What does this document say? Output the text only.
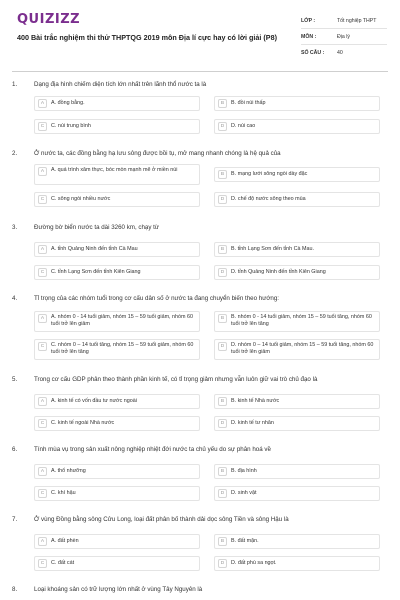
QUIZIZZ
400 Bài trắc nghiệm thi thử THPTQG 2019 môn Địa lí cực hay có lời giải (P8)
LỚP :	Tốt nghiệp THPT
MÔN :	Địa lý
SỐ CÂU :	40
1.	Dạng địa hình chiếm diện tích lớn nhất trên lãnh thổ nước ta là
A	A. đồng bằng.	B	B. đồi núi thấp
C	C. núi trung bình	D	D. núi cao
2.	Ở nước ta, các đồng bằng hạ lưu sông được bồi tụ, mở mang nhanh chóng là hệ quả của
A	A. quá trình xâm thực, bóc mòn mạnh mẽ ở miền núi
B	B. mạng lưới sông ngòi dày đặc
C	C. sông ngòi nhiều nước	D	D. chế độ nước sông theo mùa
3.	Đường bờ biển nước ta dài 3260 km, chạy từ
A	A. tỉnh Quảng Ninh đến tỉnh Cà Mau	B	B. tỉnh Lạng Sơn đến tỉnh Cà Mau.
C	C. tỉnh Lạng Sơn đến tỉnh Kiên Giang	D	D. tỉnh Quảng Ninh đến tỉnh Kiên Giang
4.	Tỉ trọng của các nhóm tuổi trong cơ cấu dân số ở nước ta đang chuyển biến theo hướng:
A	A. nhóm 0 - 14 tuổi giảm, nhóm 15 – 59 tuổi giảm, nhóm 60 tuổi trở lên giảm
B	B. nhóm 0 - 14 tuổi giảm, nhóm 15 – 59 tuổi tăng, nhóm 60 tuổi trở lên tăng
C	C. nhóm 0 – 14 tuổi tăng, nhóm 15 – 59 tuổi giảm, nhóm 60 tuổi trở lên tăng
D	D. nhóm 0 – 14 tuổi giảm, nhóm 15 – 59 tuổi tăng, nhóm 60 tuổi trở lên giảm
5.	Trong cơ cấu GDP phân theo thành phần kinh tế, có tỉ trọng giảm nhưng vẫn luôn giữ vai trò chủ đạo là
A	A. kinh tế có vốn đầu tư nước ngoài	B	B. kinh tế Nhà nước
C	C. kinh tế ngoài Nhà nước	D	D. kinh tế tư nhân
6.	Tính mùa vụ trong sản xuất nông nghiệp nhiệt đới nước ta chủ yếu do sự phân hoá về
A	A. thổ nhưỡng	B	B. địa hình
C	C. khí hậu	D	D. sinh vật
7.	Ở vùng Đồng bằng sông Cửu Long, loại đất phân bố thành dải dọc sông Tiền và sông Hậu là
A	A. đất phèn	B	B. đất mặn.
C	C. đất cát	D	D. đất phù sa ngọt.
8.	Loại khoáng sản có trữ lượng lớn nhất ở vùng Tây Nguyên là
